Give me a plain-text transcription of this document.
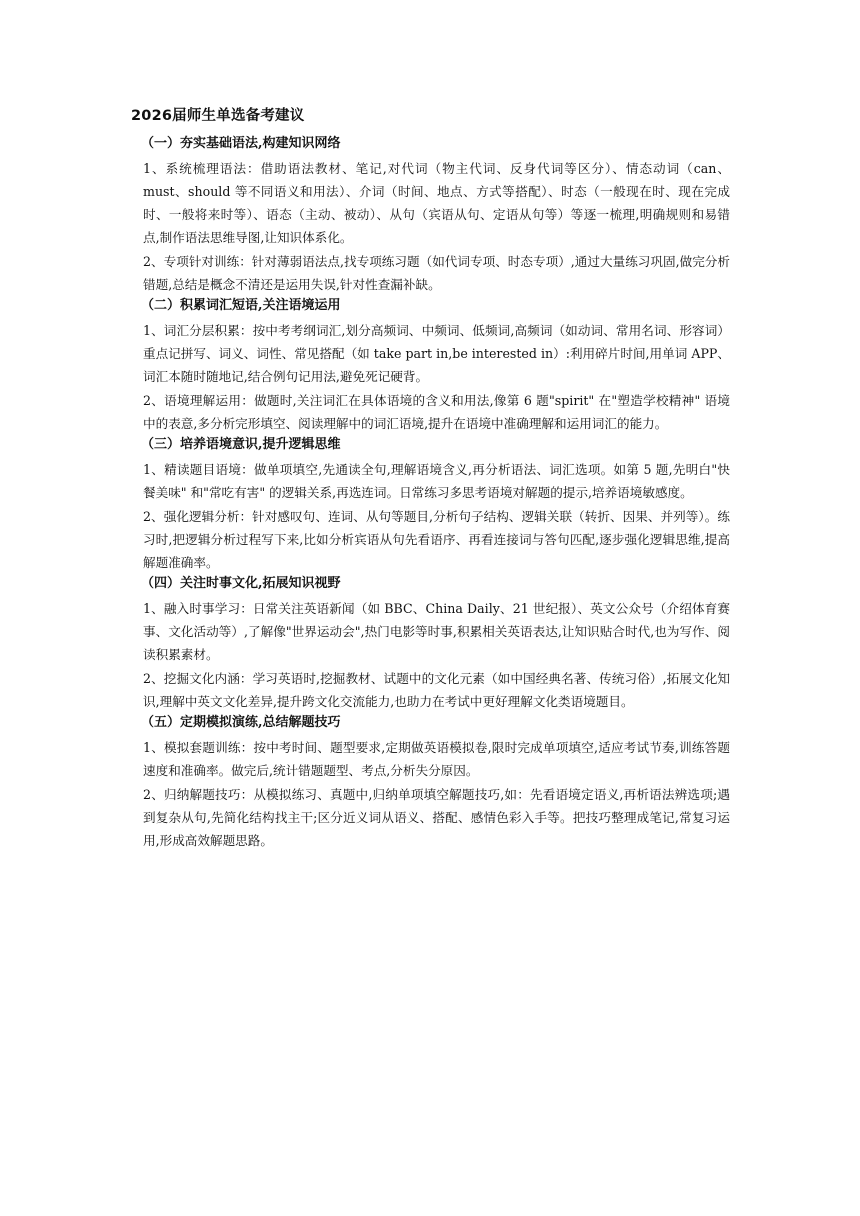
2026届师生单选备考建议
（一）夯实基础语法,构建知识网络

1、系统梳理语法：借助语法教材、笔记,对代词（物主代词、反身代词等区分）、情态动词（can、must、should 等不同语义和用法）、介词（时间、地点、方式等搭配）、时态（一般现在时、现在完成时、一般将来时等）、语态（主动、被动）、从句（宾语从句、定语从句等）等逐一梳理,明确规则和易错点,制作语法思维导图,让知识体系化。

2、专项针对训练：针对薄弱语法点,找专项练习题（如代词专项、时态专项）,通过大量练习巩固,做完分析错题,总结是概念不清还是运用失误,针对性查漏补缺。

（二）积累词汇短语,关注语境运用

1、词汇分层积累：按中考考纲词汇,划分高频词、中频词、低频词,高频词（如动词、常用名词、形容词）重点记拼写、词义、词性、常见搭配（如 take part in,be interested in）:利用碎片时间,用单词 APP、词汇本随时随地记,结合例句记用法,避免死记硬背。

2、语境理解运用：做题时,关注词汇在具体语境的含义和用法,像第 6 题"spirit" 在"塑造学校精神" 语境中的表意,多分析完形填空、阅读理解中的词汇语境,提升在语境中准确理解和运用词汇的能力。

（三）培养语境意识,提升逻辑思维

1、精读题目语境：做单项填空,先通读全句,理解语境含义,再分析语法、词汇选项。如第 5 题,先明白"快餐美味" 和"常吃有害" 的逻辑关系,再选连词。日常练习多思考语境对解题的提示,培养语境敏感度。

2、强化逻辑分析：针对感叹句、连词、从句等题目,分析句子结构、逻辑关联（转折、因果、并列等）。练习时,把逻辑分析过程写下来,比如分析宾语从句先看语序、再看连接词与答句匹配,逐步强化逻辑思维,提高解题准确率。

（四）关注时事文化,拓展知识视野

1、融入时事学习：日常关注英语新闻（如 BBC、China Daily、21 世纪报）、英文公众号（介绍体育赛事、文化活动等）,了解像"世界运动会",热门电影等时事,积累相关英语表达,让知识贴合时代,也为写作、阅读积累素材。

2、挖掘文化内涵：学习英语时,挖掘教材、试题中的文化元素（如中国经典名著、传统习俗）,拓展文化知识,理解中英文文化差异,提升跨文化交流能力,也助力在考试中更好理解文化类语境题目。

（五）定期模拟演练,总结解题技巧

1、模拟套题训练：按中考时间、题型要求,定期做英语模拟卷,限时完成单项填空,适应考试节奏,训练答题速度和准确率。做完后,统计错题题型、考点,分析失分原因。

2、归纳解题技巧：从模拟练习、真题中,归纳单项填空解题技巧,如：先看语境定语义,再析语法辨选项;遇到复杂从句,先简化结构找主干;区分近义词从语义、搭配、感情色彩入手等。把技巧整理成笔记,常复习运用,形成高效解题思路。
